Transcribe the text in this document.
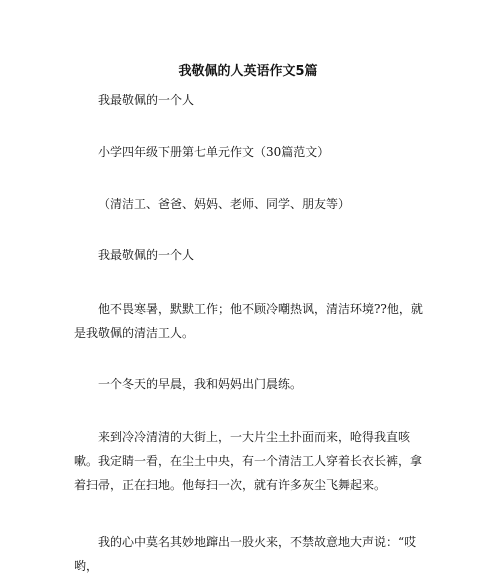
我敬佩的人英语作文5篇

我最敬佩的一个人

小学四年级下册第七单元作文（30篇范文）

（清洁工、爸爸、妈妈、老师、同学、朋友等）

我最敬佩的一个人

他不畏寒暑，默默工作；他不顾冷嘲热讽，清洁环境??他，就是我敬佩的清洁工人。

一个冬天的早晨，我和妈妈出门晨练。

来到冷冷清清的大街上，一大片尘土扑面而来，呛得我直咳嗽。我定睛一看，在尘土中央，有一个清洁工人穿着长衣长裤，拿着扫帚，正在扫地。他每扫一次，就有许多灰尘飞舞起来。

我的心中莫名其妙地蹿出一股火来，不禁故意地大声说：“哎哟，
